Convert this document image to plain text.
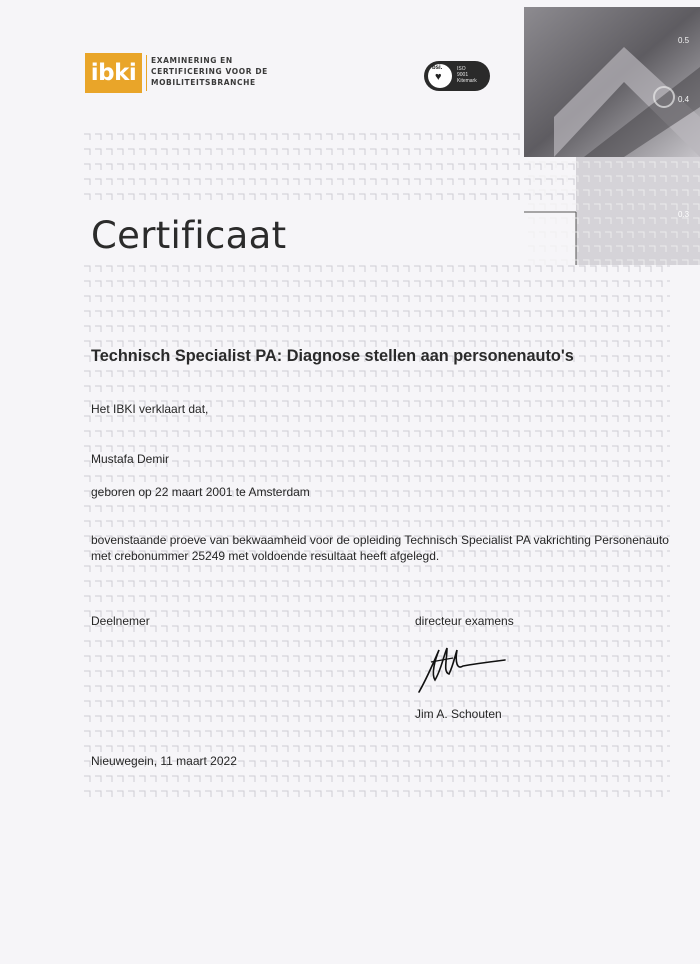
ibki EXAMINERING EN
CERTIFICERING VOOR DE
MOBILITEITSBRANCHE
bsi.
♥
ISO
9001
Kitemark
0.5
0.4
0.3
Certificaat
Technisch Specialist PA: Diagnose stellen aan personenauto's
Het IBKI verklaart dat,
Mustafa Demir
geboren op 22 maart 2001 te Amsterdam
bovenstaande proeve van bekwaamheid voor de opleiding Technisch Specialist PA vakrichting Personenauto
met crebonummer 25249 met voldoende resultaat heeft afgelegd.
Deelnemer	directeur examens
Jim A. Schouten
Nieuwegein, 11 maart 2022
